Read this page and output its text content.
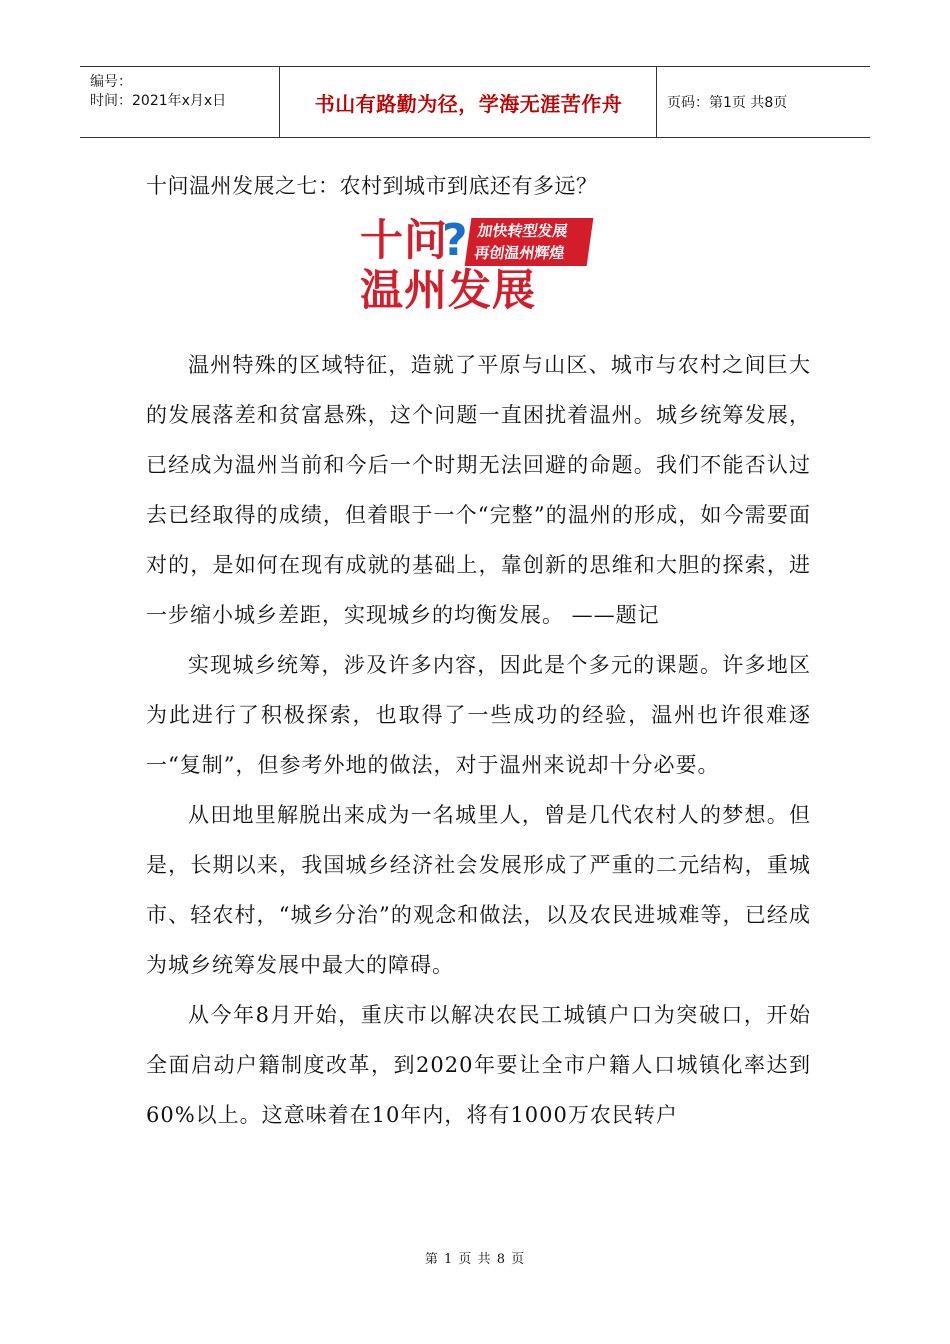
编号：
时间：2021年x月x日	书山有路勤为径，学海无涯苦作舟	页码：第1页 共8页
十问温州发展之七：农村到城市到底还有多远？
十问
? 加快转型发展
再创温州辉煌
温州发展

温州特殊的区域特征，造就了平原与山区、城市与农村之间巨大的发展落差和贫富悬殊，这个问题一直困扰着温州。城乡统筹发展，已经成为温州当前和今后一个时期无法回避的命题。我们不能否认过去已经取得的成绩，但着眼于一个“完整”的温州的形成，如今需要面对的，是如何在现有成就的基础上，靠创新的思维和大胆的探索，进一步缩小城乡差距，实现城乡的均衡发展。 ——题记

实现城乡统筹，涉及许多内容，因此是个多元的课题。许多地区为此进行了积极探索，也取得了一些成功的经验，温州也许很难逐一“复制”，但参考外地的做法，对于温州来说却十分必要。

从田地里解脱出来成为一名城里人，曾是几代农村人的梦想。但是，长期以来，我国城乡经济社会发展形成了严重的二元结构，重城市、轻农村，“城乡分治”的观念和做法，以及农民进城难等，已经成为城乡统筹发展中最大的障碍。

从今年8月开始，重庆市以解决农民工城镇户口为突破口，开始全面启动户籍制度改革，到2020年要让全市户籍人口城镇化率达到60%以上。这意味着在10年内，将有1000万农民转户

第 1 页 共 8 页
